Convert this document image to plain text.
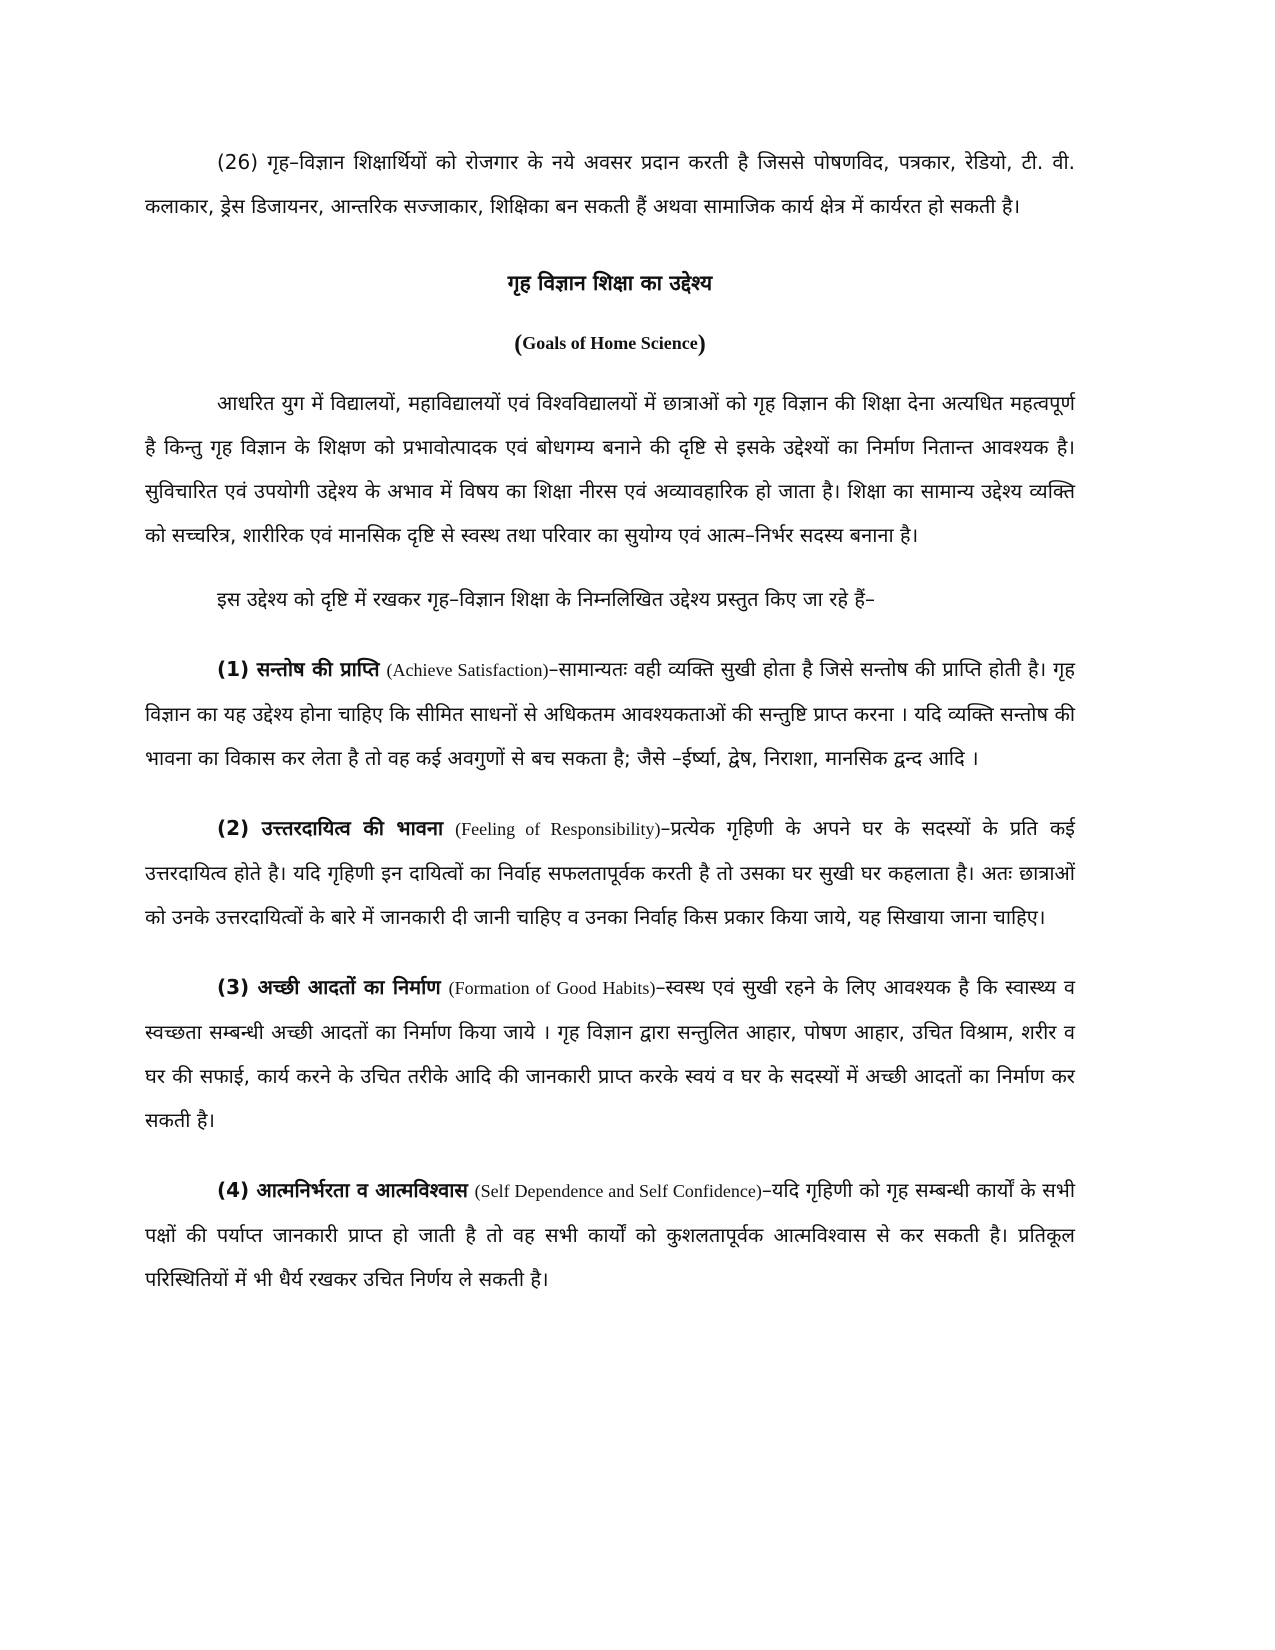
(26) गृह–विज्ञान शिक्षार्थियों को रोजगार के नये अवसर प्रदान करती है जिससे पोषणविद, पत्रकार, रेडियो, टी. वी. कलाकार, ड्रेस डिजायनर, आन्तरिक सज्जाकार, शिक्षिका बन सकती हैं अथवा सामाजिक कार्य क्षेत्र में कार्यरत हो सकती है।

गृह विज्ञान शिक्षा का उद्देश्य
(Goals of Home Science)

आधरित युग में विद्यालयों, महाविद्यालयों एवं विश्वविद्यालयों में छात्राओं को गृह विज्ञान की शिक्षा देना अत्यधित महत्वपूर्ण है किन्तु गृह विज्ञान के शिक्षण को प्रभावोत्पादक एवं बोधगम्य बनाने की दृष्टि से इसके उद्देश्यों का निर्माण नितान्त आवश्यक है। सुविचारित एवं उपयोगी उद्देश्य के अभाव में विषय का शिक्षा नीरस एवं अव्यावहारिक हो जाता है। शिक्षा का सामान्य उद्देश्य व्यक्ति को सच्चरित्र, शारीरिक एवं मानसिक दृष्टि से स्वस्थ तथा परिवार का सुयोग्य एवं आत्म–निर्भर सदस्य बनाना है।

इस उद्देश्य को दृष्टि में रखकर गृह–विज्ञान शिक्षा के निम्नलिखित उद्देश्य प्रस्तुत किए जा रहे हैं–

(1) सन्तोष की प्राप्ति (Achieve Satisfaction)–सामान्यतः वही व्यक्ति सुखी होता है जिसे सन्तोष की प्राप्ति होती है। गृह विज्ञान का यह उद्देश्य होना चाहिए कि सीमित साधनों से अधिकतम आवश्यकताओं की सन्तुष्टि प्राप्त करना । यदि व्यक्ति सन्तोष की भावना का विकास कर लेता है तो वह कई अवगुणों से बच सकता है; जैसे –ईर्ष्या, द्वेष, निराशा, मानसिक द्वन्द आदि ।

(2) उत्त्तरदायित्व की भावना (Feeling of Responsibility)–प्रत्येक गृहिणी के अपने घर के सदस्यों के प्रति कई उत्तरदायित्व होते है। यदि गृहिणी इन दायित्वों का निर्वाह सफलतापूर्वक करती है तो उसका घर सुखी घर कहलाता है। अतः छात्राओं को उनके उत्तरदायित्वों के बारे में जानकारी दी जानी चाहिए व उनका निर्वाह किस प्रकार किया जाये, यह सिखाया जाना चाहिए।

(3) अच्छी आदतों का निर्माण (Formation of Good Habits)–स्वस्थ एवं सुखी रहने के लिए आवश्यक है कि स्वास्थ्य व स्वच्छता सम्बन्धी अच्छी आदतों का निर्माण किया जाये । गृह विज्ञान द्वारा सन्तुलित आहार, पोषण आहार, उचित विश्राम, शरीर व घर की सफाई, कार्य करने के उचित तरीके आदि की जानकारी प्राप्त करके स्वयं व घर के सदस्यों में अच्छी आदतों का निर्माण कर सकती है।

(4) आत्मनिर्भरता व आत्मविश्वास (Self Dependence and Self Confidence)–यदि गृहिणी को गृह सम्बन्धी कार्यों के सभी पक्षों की पर्याप्त जानकारी प्राप्त हो जाती है तो वह सभी कार्यों को कुशलतापूर्वक आत्मविश्वास से कर सकती है। प्रतिकूल परिस्थितियों में भी धैर्य रखकर उचित निर्णय ले सकती है।
